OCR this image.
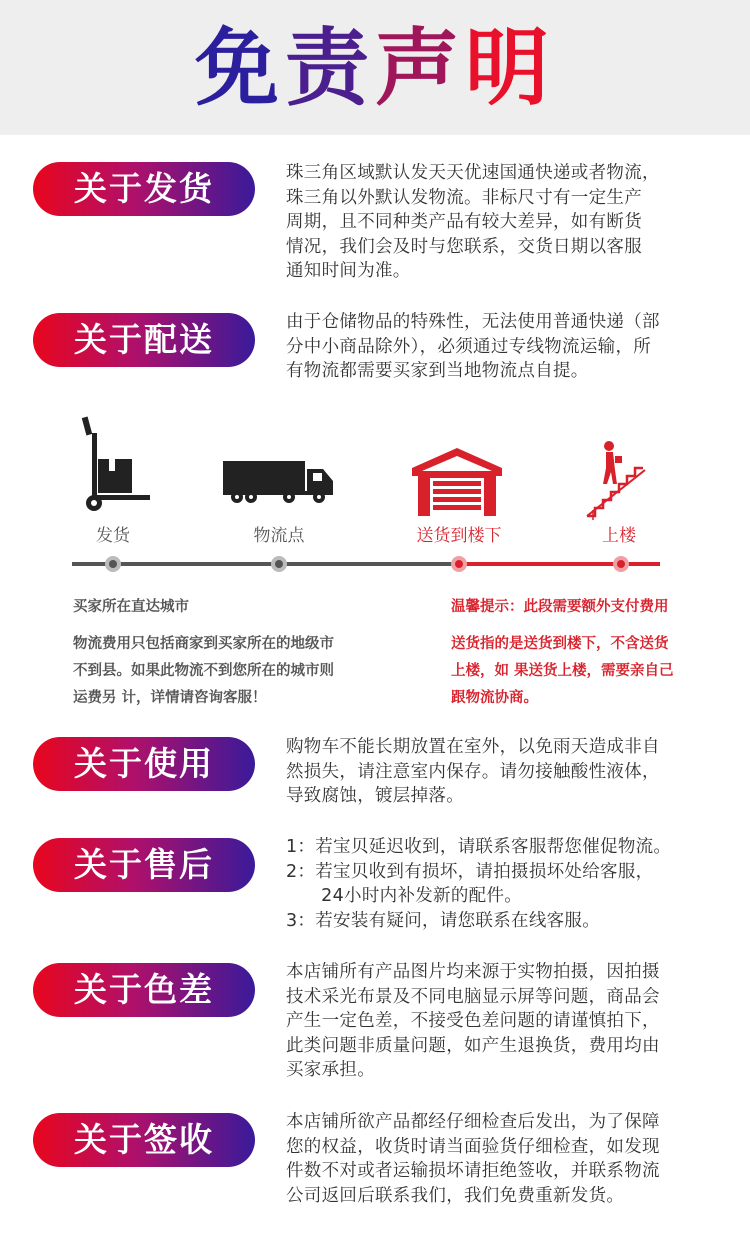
免责声明
关于发货	珠三角区域默认发天天优速国通快递或者物流，
珠三角以外默认发物流。非标尺寸有一定生产
周期，且不同种类产品有较大差异，如有断货
情况，我们会及时与您联系，交货日期以客服
通知时间为准。
关于配送	由于仓储物品的特殊性，无法使用普通快递（部
分中小商品除外），必须通过专线物流运输，所
有物流都需要买家到当地物流点自提。
发货	物流点	送货到楼下	上楼
买家所在直达城市
物流费用只包括商家到买家所在的地级市
不到县。如果此物流不到您所在的城市则
运费另 计，详情请咨询客服！
温馨提示：此段需要额外支付费用
送货指的是送货到楼下，不含送货
上楼，如 果送货上楼，需要亲自己
跟物流协商。
关于使用	购物车不能长期放置在室外，以免雨天造成非自
然损失，请注意室内保存。请勿接触酸性液体，
导致腐蚀，镀层掉落。
关于售后	1：若宝贝延迟收到，请联系客服帮您催促物流。
2：若宝贝收到有损坏，请拍摄损坏处给客服，
24小时内补发新的配件。
3：若安装有疑问，请您联系在线客服。
关于色差	本店铺所有产品图片均来源于实物拍摄，因拍摄
技术采光布景及不同电脑显示屏等问题，商品会
产生一定色差，不接受色差问题的请谨慎拍下，
此类问题非质量问题，如产生退换货，费用均由
买家承担。
关于签收	本店铺所欲产品都经仔细检查后发出，为了保障
您的权益，收货时请当面验货仔细检查，如发现
件数不对或者运输损坏请拒绝签收，并联系物流
公司返回后联系我们，我们免费重新发货。
